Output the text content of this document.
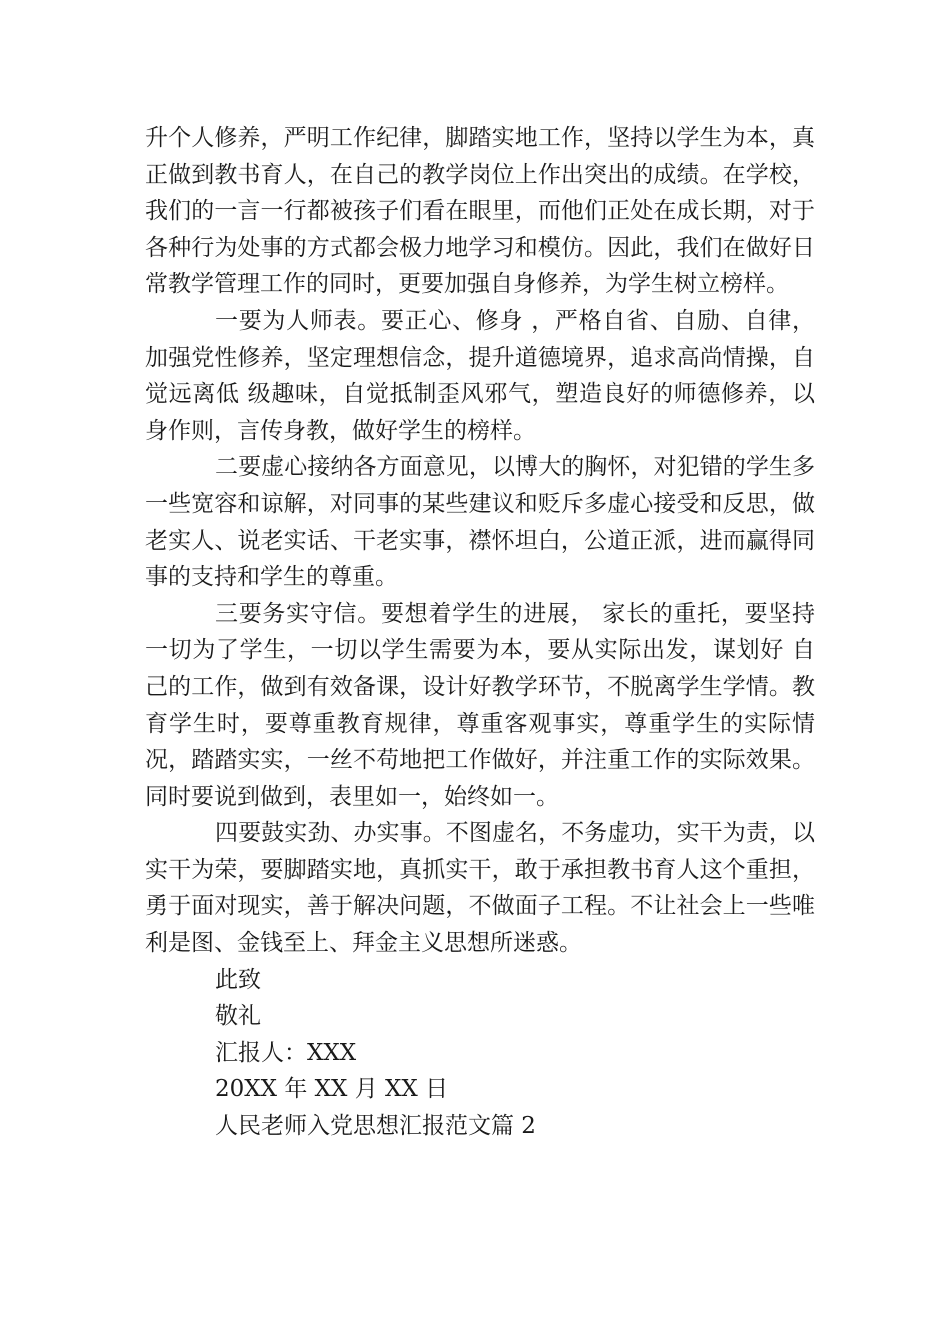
升个人修养，严明工作纪律，脚踏实地工作，坚持以学生为本，真正做到教书育人，在自己的教学岗位上作出突出的成绩。在学校，我们的一言一行都被孩子们看在眼里，而他们正处在成长期，对于各种行为处事的方式都会极力地学习和模仿。因此，我们在做好日常教学管理工作的同时，更要加强自身修养，为学生树立榜样。

一要为人师表。要正心、修身 ，严格自省、自励、自律，加强党性修养，坚定理想信念，提升道德境界，追求高尚情操，自觉远离低 级趣味，自觉抵制歪风邪气，塑造良好的师德修养，以身作则，言传身教，做好学生的榜样。

二要虚心接纳各方面意见，以博大的胸怀，对犯错的学生多一些宽容和谅解，对同事的某些建议和贬斥多虚心接受和反思，做老实人、说老实话、干老实事，襟怀坦白，公道正派，进而赢得同事的支持和学生的尊重。

三要务实守信。要想着学生的进展， 家长的重托，要坚持一切为了学生，一切以学生需要为本，要从实际出发，谋划好 自己的工作，做到有效备课，设计好教学环节，不脱离学生学情。教育学生时，要尊重教育规律，尊重客观事实，尊重学生的实际情况，踏踏实实，一丝不苟地把工作做好，并注重工作的实际效果。同时要说到做到，表里如一，始终如一。

四要鼓实劲、办实事。不图虚名，不务虚功，实干为责，以实干为荣，要脚踏实地，真抓实干，敢于承担教书育人这个重担，勇于面对现实，善于解决问题，不做面子工程。不让社会上一些唯利是图、金钱至上、拜金主义思想所迷惑。

此致

敬礼

汇报人：XXX

20XX 年 XX 月 XX 日

人民老师入党思想汇报范文篇 2
